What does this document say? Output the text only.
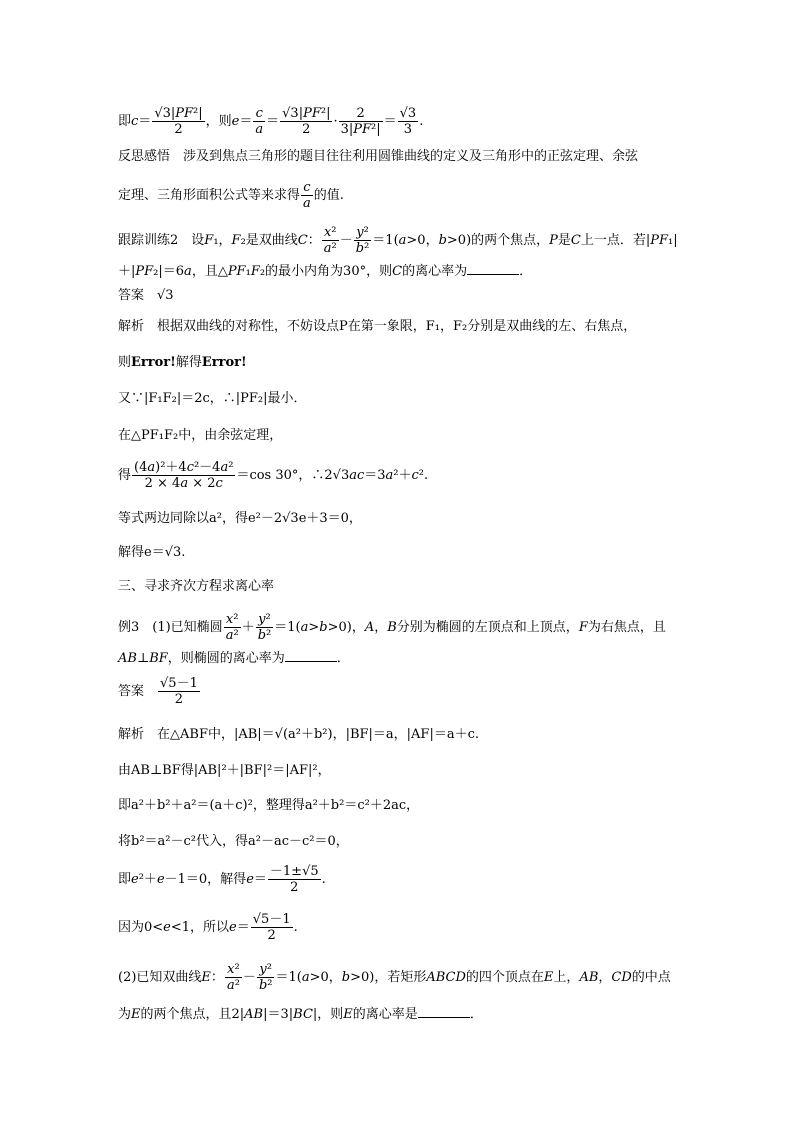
即$c= \frac{\text{√3|PF²|}}{2}$ ，则$e= \frac{c}{a} = \frac{\text{√3|PF²|}}{2} \cdot \frac{2}{\text{3|PF²|}} = \frac{√3}{3}$ .
反思感悟　涉及到焦点三角形的题目往往利用圆锥曲线的定义及三角形中的正弦定理、余弦
定理、三角形面积公式等来求得 $\frac{c}{a}$ 的值.
跟踪训练2　设F₁，F₂是双曲线C： $\frac{\text{x²}}{\text{a²}} - \frac{\text{y²}}{\text{b²}} =1(a>0$，b>0)的两个焦点，P是C上一点．若|PF₁|
＋|PF₂|＝6a，且△PF₁F₂的最小内角为30°，则C的离心率为	．
答案　√3
解析　根据双曲线的对称性，不妨设点P在第一象限，F₁，F₂分别是双曲线的左、右焦点，
则Error!解得Error!
又∵|F₁F₂|＝2c，∴|PF₂|最小．
在△PF₁F₂中，由余弦定理，
得 $\frac{\text{(4a)²＋4c²－4a²}}{2 \times 4a \times 2c} =\cos$ 30°，∴2√3ac＝3a²＋c².
等式两边同除以a²，得e²－2√3e＋3＝0，
解得e＝√3.
三、寻求齐次方程求离心率
例3　(1)已知椭圆 $\frac{\text{x²}}{\text{a²}} + \frac{\text{y²}}{\text{b²}} =1(a>b>0)$，A，B分别为椭圆的左顶点和上顶点，F为右焦点，且
AB⊥BF，则椭圆的离心率为	．
答案　 $\frac{√5-1}{2}$
解析　在△ABF中，|AB|＝√(a²＋b²)，|BF|＝a，|AF|＝a＋c.
由AB⊥BF得|AB|²＋|BF|²＝|AF|²，
即a²＋b²＋a²＝(a＋c)²，整理得a²＋b²＝c²＋2ac，
将b²＝a²－c²代入，得a²－ac－c²＝0，
即e²＋e－1＝0，解得$e= \frac{-1\pm√5}{2}$ .
因为0<e<1，所以$e= \frac{√5-1}{2}$ .
(2)已知双曲线E： $\frac{\text{x²}}{\text{a²}} - \frac{\text{y²}}{\text{b²}} =1(a>0$，b>0)，若矩形ABCD的四个顶点在E上，AB，CD的中点
为E的两个焦点，且2|AB|＝3|BC|，则E的离心率是	．
